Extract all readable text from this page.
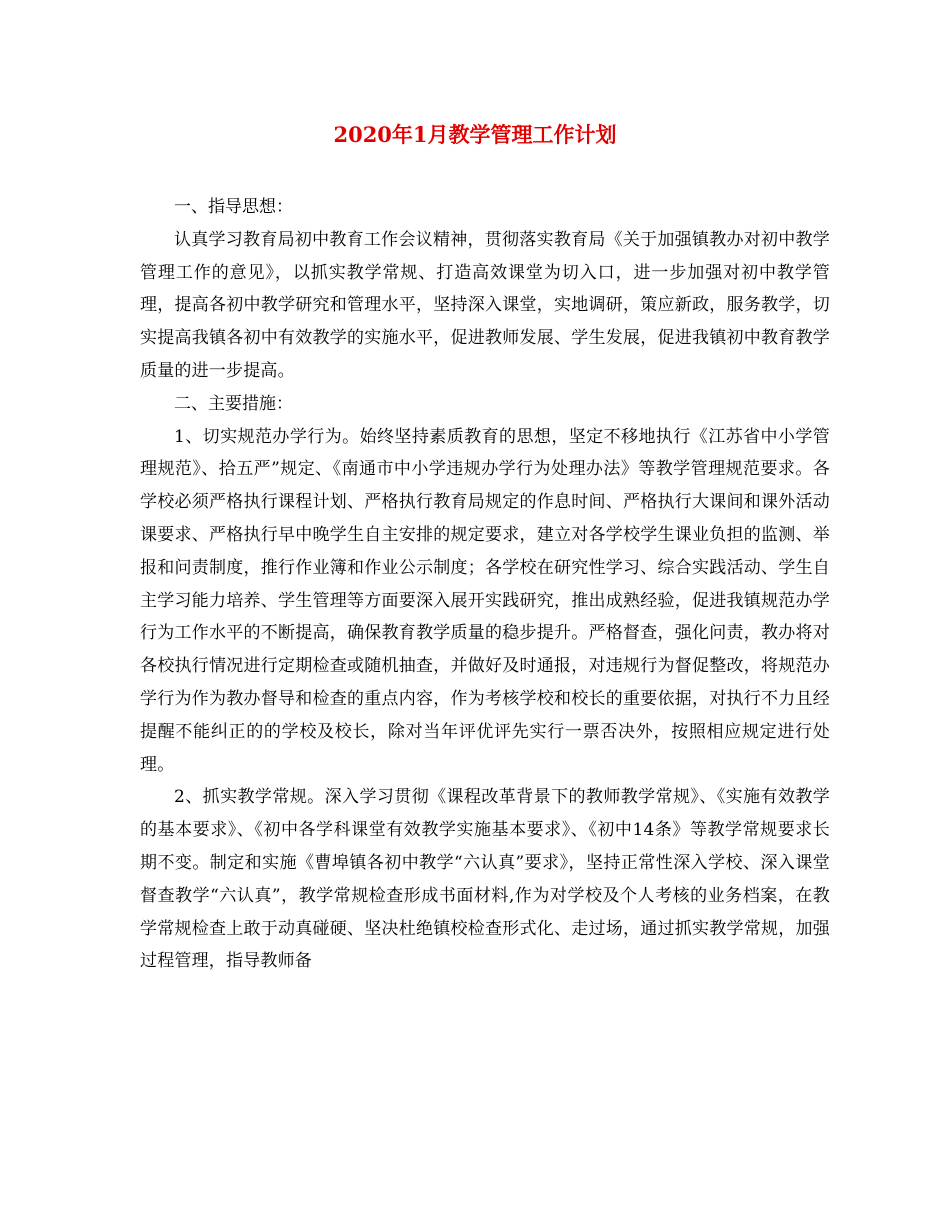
2020年1月教学管理工作计划

一、指导思想：

认真学习教育局初中教育工作会议精神，贯彻落实教育局《关于加强镇教办对初中教学管理工作的意见》，以抓实教学常规、打造高效课堂为切入口，进一步加强对初中教学管理，提高各初中教学研究和管理水平，坚持深入课堂，实地调研，策应新政，服务教学，切实提高我镇各初中有效教学的实施水平，促进教师发展、学生发展，促进我镇初中教育教学质量的进一步提高。

二、主要措施：

1、切实规范办学行为。始终坚持素质教育的思想，坚定不移地执行《江苏省中小学管理规范》、拾五严”规定、《南通市中小学违规办学行为处理办法》等教学管理规范要求。各学校必须严格执行课程计划、严格执行教育局规定的作息时间、严格执行大课间和课外活动课要求、严格执行早中晚学生自主安排的规定要求，建立对各学校学生课业负担的监测、举报和问责制度，推行作业簿和作业公示制度；各学校在研究性学习、综合实践活动、学生自主学习能力培养、学生管理等方面要深入展开实践研究，推出成熟经验，促进我镇规范办学行为工作水平的不断提高，确保教育教学质量的稳步提升。严格督查，强化问责，教办将对各校执行情况进行定期检查或随机抽查，并做好及时通报，对违规行为督促整改，将规范办学行为作为教办督导和检查的重点内容，作为考核学校和校长的重要依据，对执行不力且经提醒不能纠正的的学校及校长，除对当年评优评先实行一票否决外，按照相应规定进行处理。

2、抓实教学常规。深入学习贯彻《课程改革背景下的教师教学常规》、《实施有效教学的基本要求》、《初中各学科课堂有效教学实施基本要求》、《初中14条》等教学常规要求长期不变。制定和实施《曹埠镇各初中教学“六认真”要求》，坚持正常性深入学校、深入课堂督查教学“六认真”，教学常规检查形成书面材料,作为对学校及个人考核的业务档案，在教学常规检查上敢于动真碰硬、坚决杜绝镇校检查形式化、走过场，通过抓实教学常规，加强过程管理，指导教师备
